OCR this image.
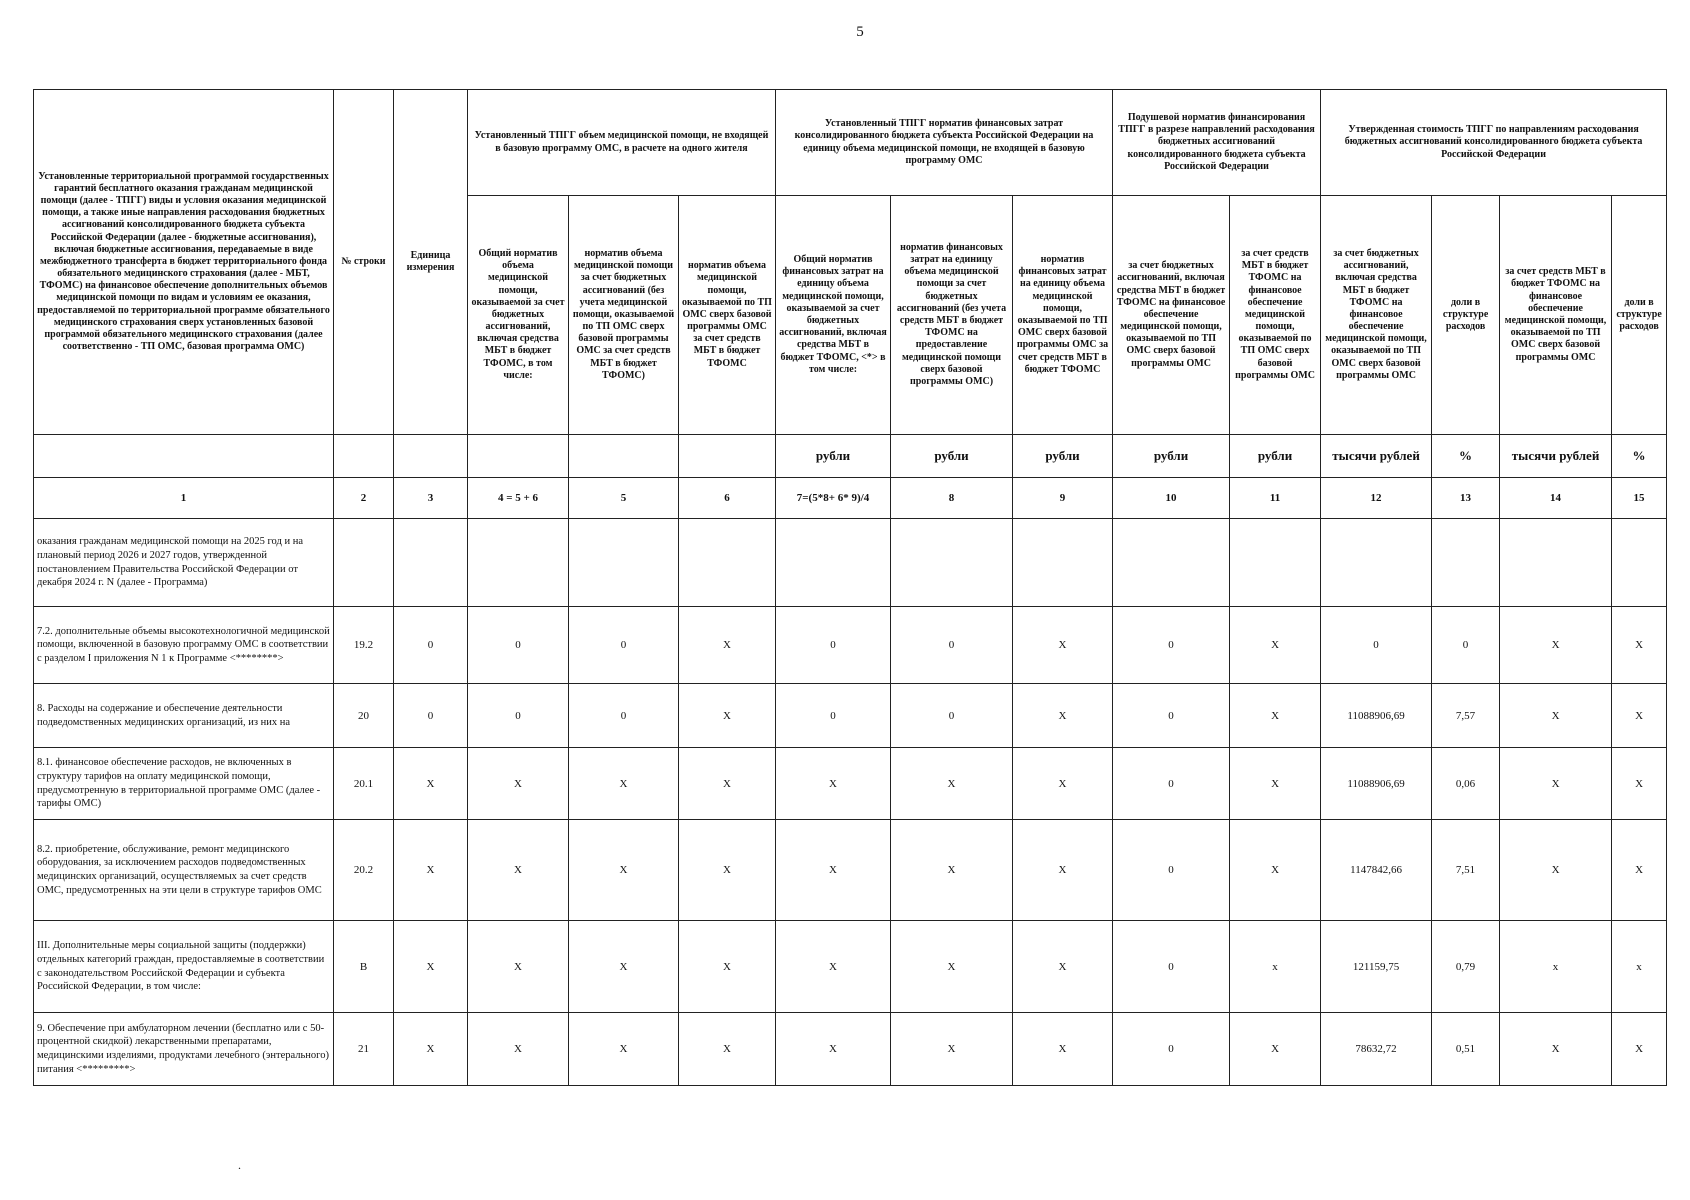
5
Установленные территориальной программой государственных гарантий бесплатного оказания гражданам медицинской помощи (далее - ТПГГ) виды и условия оказания медицинской помощи, а также иные направления расходования бюджетных ассигнований консолидированного бюджета субъекта Российской Федерации (далее - бюджетные ассигнования), включая бюджетные ассигнования, передаваемые в виде межбюджетного трансферта в бюджет территориального фонда обязательного медицинского страхования (далее - МБТ, ТФОМС) на финансовое обеспечение дополнительных объемов медицинской помощи по видам и условиям ее оказания, предоставляемой по территориальной программе обязательного медицинского страхования сверх установленных базовой программой обязательного медицинского страхования (далее соответственно - ТП ОМС, базовая программа ОМС)	№ строки	Единица измерения	Установленный ТПГГ объем медицинской помощи, не входящей в базовую программу ОМС, в расчете на одного жителя			Установленный ТПГГ норматив финансовых затрат консолидированного бюджета субъекта Российской Федерации на единицу объема медицинской помощи, не входящей в базовую программу ОМС			Подушевой норматив финансирования ТПГГ в разрезе направлений расходования бюджетных ассигнований консолидированного бюджета субъекта Российской Федерации		Утвержденная стоимость ТПГГ по направлениям расходования бюджетных ассигнований консолидированного бюджета субъекта Российской Федерации			
			Общий норматив объема медицинской помощи, оказываемой за счет бюджетных ассигнований, включая средства МБТ в бюджет ТФОМС, в том числе:	норматив объема медицинской помощи за счет бюджетных ассигнований (без учета медицинской помощи, оказываемой по ТП ОМС сверх базовой программы ОМС за счет средств МБТ в бюджет ТФОМС)	норматив объема медицинской помощи, оказываемой по ТП ОМС сверх базовой программы ОМС за счет средств МБТ в бюджет ТФОМС	Общий норматив финансовых затрат на единицу объема медицинской помощи, оказываемой за счет бюджетных ассигнований, включая средства МБТ в бюджет ТФОМС, <*> в том числе:	норматив финансовых затрат на единицу объема медицинской помощи за счет бюджетных ассигнований (без учета средств МБТ в бюджет ТФОМС на предоставление медицинской помощи сверх базовой программы ОМС)	норматив финансовых затрат на единицу объема медицинской помощи, оказываемой по ТП ОМС сверх базовой программы ОМС за счет средств МБТ в бюджет ТФОМС	за счет бюджетных ассигнований, включая средства МБТ в бюджет ТФОМС на финансовое обеспечение медицинской помощи, оказываемой по ТП ОМС сверх базовой программы ОМС	за счет средств МБТ в бюджет ТФОМС на финансовое обеспечение медицинской помощи, оказываемой по ТП ОМС сверх базовой программы ОМС	за счет бюджетных ассигнований, включая средства МБТ в бюджет ТФОМС на финансовое обеспечение медицинской помощи, оказываемой по ТП ОМС сверх базовой программы ОМС	доли в структуре расходов	за счет средств МБТ в бюджет ТФОМС на финансовое обеспечение медицинской помощи, оказываемой по ТП ОМС сверх базовой программы ОМС	доли в структуре расходов
						рубли	рубли	рубли	рубли	рубли	тысячи рублей	%	тысячи рублей	%
1	2	3	4 = 5 + 6	5	6	7=(5*8+ 6* 9)/4	8	9	10	11	12	13	14	15
оказания гражданам медицинской помощи на 2025 год и на плановый период 2026 и 2027 годов, утвержденной постановлением Правительства Российской Федерации от декабря 2024 г. N (далее - Программа)														
7.2. дополнительные объемы высокотехнологичной медицинской помощи, включенной в базовую программу ОМС в соответствии с разделом I приложения N 1 к Программе <********>	19.2	0	0	0	X	0	0	X	0	X	0	0	X	X
8. Расходы на содержание и обеспечение деятельности подведомственных медицинских организаций, из них на	20	0	0	0	X	0	0	X	0	X	11088906,69	7,57	X	X
8.1. финансовое обеспечение расходов, не включенных в структуру тарифов на оплату медицинской помощи, предусмотренную в территориальной программе ОМС (далее - тарифы ОМС)	20.1	X	X	X	X	X	X	X	0	X	11088906,69	0,06	X	X
8.2. приобретение, обслуживание, ремонт медицинского оборудования, за исключением расходов подведомственных медицинских организаций, осуществляемых за счет средств ОМС, предусмотренных на эти цели в структуре тарифов ОМС	20.2	X	X	X	X	X	X	X	0	X	1147842,66	7,51	X	X
III. Дополнительные меры социальной защиты (поддержки) отдельных категорий граждан, предоставляемые в соответствии с законодательством Российской Федерации и субъекта Российской Федерации, в том числе:	В	X	X	X	X	X	X	X	0	x	121159,75	0,79	x	x
9. Обеспечение при амбулаторном лечении (бесплатно или с 50-процентной скидкой) лекарственными препаратами, медицинскими изделиями, продуктами лечебного (энтерального) питания <*********>	21	X	X	X	X	X	X	X	0	X	78632,72	0,51	X	X
.
